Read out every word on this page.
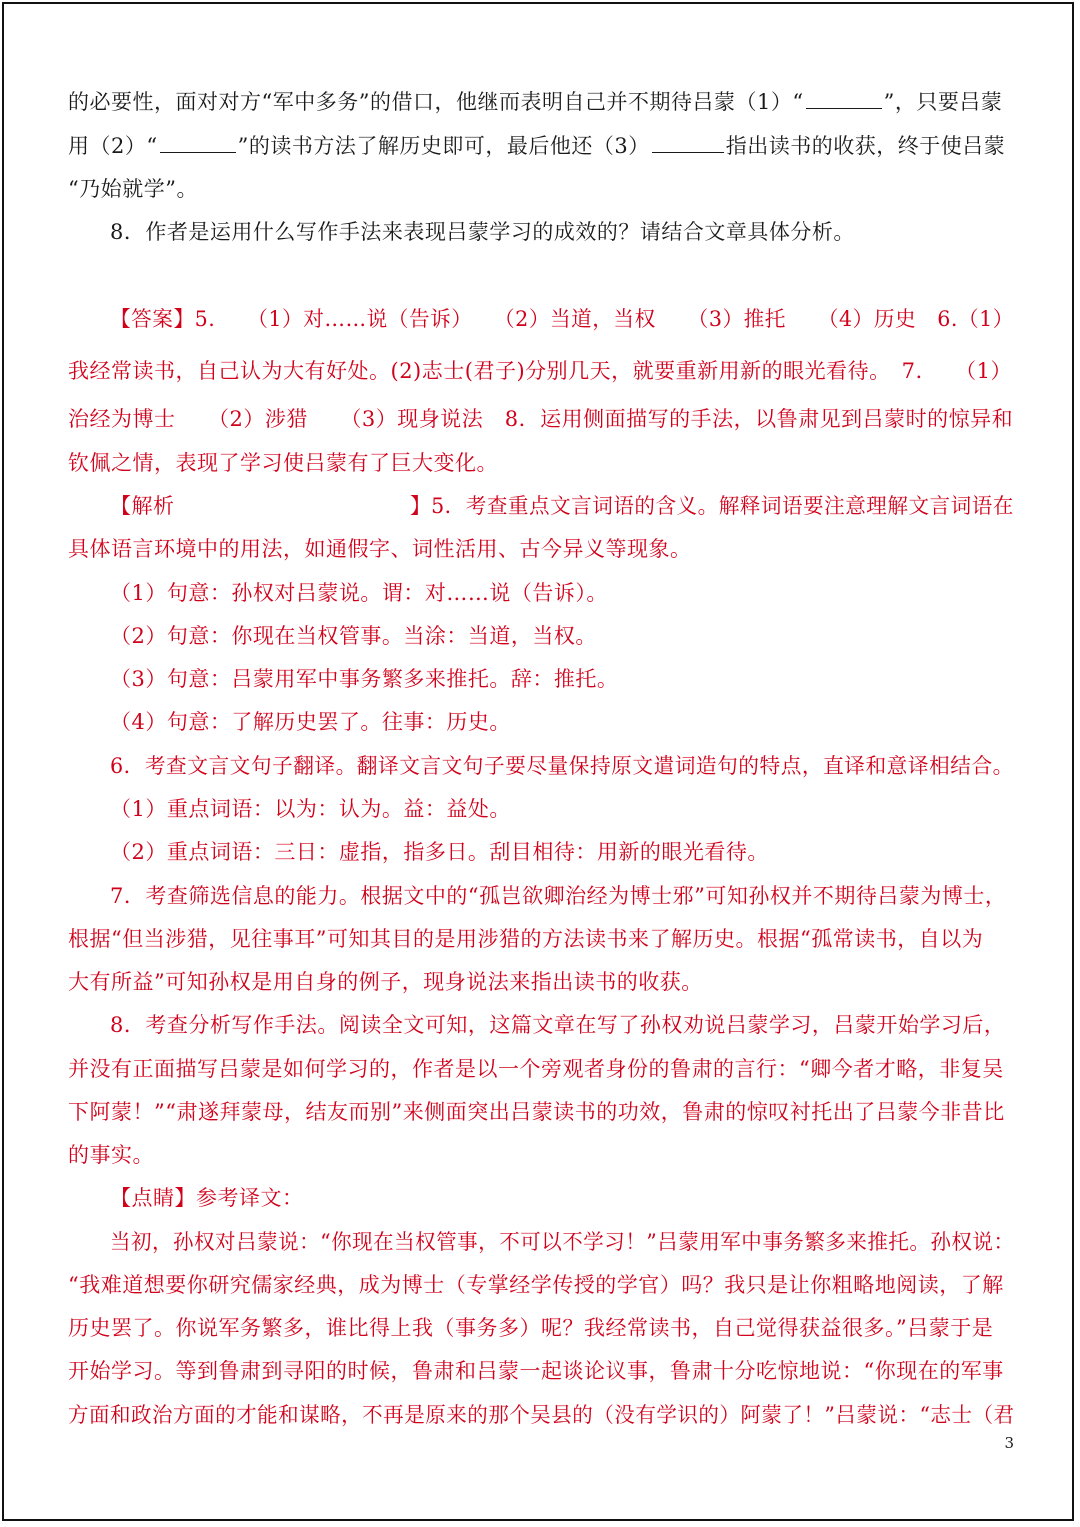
的必要性，面对对方“军中多务”的借口，他继而表明自己并不期待吕蒙（1）“	”，只要吕蒙
用（2）“	”的读书方法了解历史即可，最后他还（3）	指出读书的收获，终于使吕蒙
“乃始就学”。
8．作者是运用什么写作手法来表现吕蒙学习的成效的？请结合文章具体分析。
【答案】5.　　（1）对……说（告诉）　　（2）当道，当权　　（3）推托　　（4）历史　6.（1）
我经常读书，自己认为大有好处。(2)志士(君子)分别几天，就要重新用新的眼光看待。　7.　　（1）
治经为博士　　（2）涉猎　　（3）现身说法　8．运用侧面描写的手法，以鲁肃见到吕蒙时的惊异和
钦佩之情，表现了学习使吕蒙有了巨大变化。
【解析	】5．考查重点文言词语的含义。解释词语要注意理解文言词语在
具体语言环境中的用法，如通假字、词性活用、古今异义等现象。
（1）句意：孙权对吕蒙说。谓：对……说（告诉）。
（2）句意：你现在当权管事。当涂：当道，当权。
（3）句意：吕蒙用军中事务繁多来推托。辞：推托。
（4）句意：了解历史罢了。往事：历史。
6．考查文言文句子翻译。翻译文言文句子要尽量保持原文遣词造句的特点，直译和意译相结合。
（1）重点词语：以为：认为。益：益处。
（2）重点词语：三日：虚指，指多日。刮目相待：用新的眼光看待。
7．考查筛选信息的能力。根据文中的“孤岂欲卿治经为博士邪”可知孙权并不期待吕蒙为博士，
根据“但当涉猎，见往事耳”可知其目的是用涉猎的方法读书来了解历史。根据“孤常读书，自以为
大有所益”可知孙权是用自身的例子，现身说法来指出读书的收获。
8．考查分析写作手法。阅读全文可知，这篇文章在写了孙权劝说吕蒙学习，吕蒙开始学习后，
并没有正面描写吕蒙是如何学习的，作者是以一个旁观者身份的鲁肃的言行：“卿今者才略，非复吴
下阿蒙！”“肃遂拜蒙母，结友而别”来侧面突出吕蒙读书的功效，鲁肃的惊叹衬托出了吕蒙今非昔比
的事实。
【点睛】参考译文：
当初，孙权对吕蒙说：“你现在当权管事，不可以不学习！”吕蒙用军中事务繁多来推托。孙权说：
“我难道想要你研究儒家经典，成为博士（专掌经学传授的学官）吗？我只是让你粗略地阅读，了解
历史罢了。你说军务繁多，谁比得上我（事务多）呢？我经常读书，自己觉得获益很多。”吕蒙于是
开始学习。等到鲁肃到寻阳的时候，鲁肃和吕蒙一起谈论议事，鲁肃十分吃惊地说：“你现在的军事
方面和政治方面的才能和谋略，不再是原来的那个吴县的（没有学识的）阿蒙了！”吕蒙说：“志士（君
3
